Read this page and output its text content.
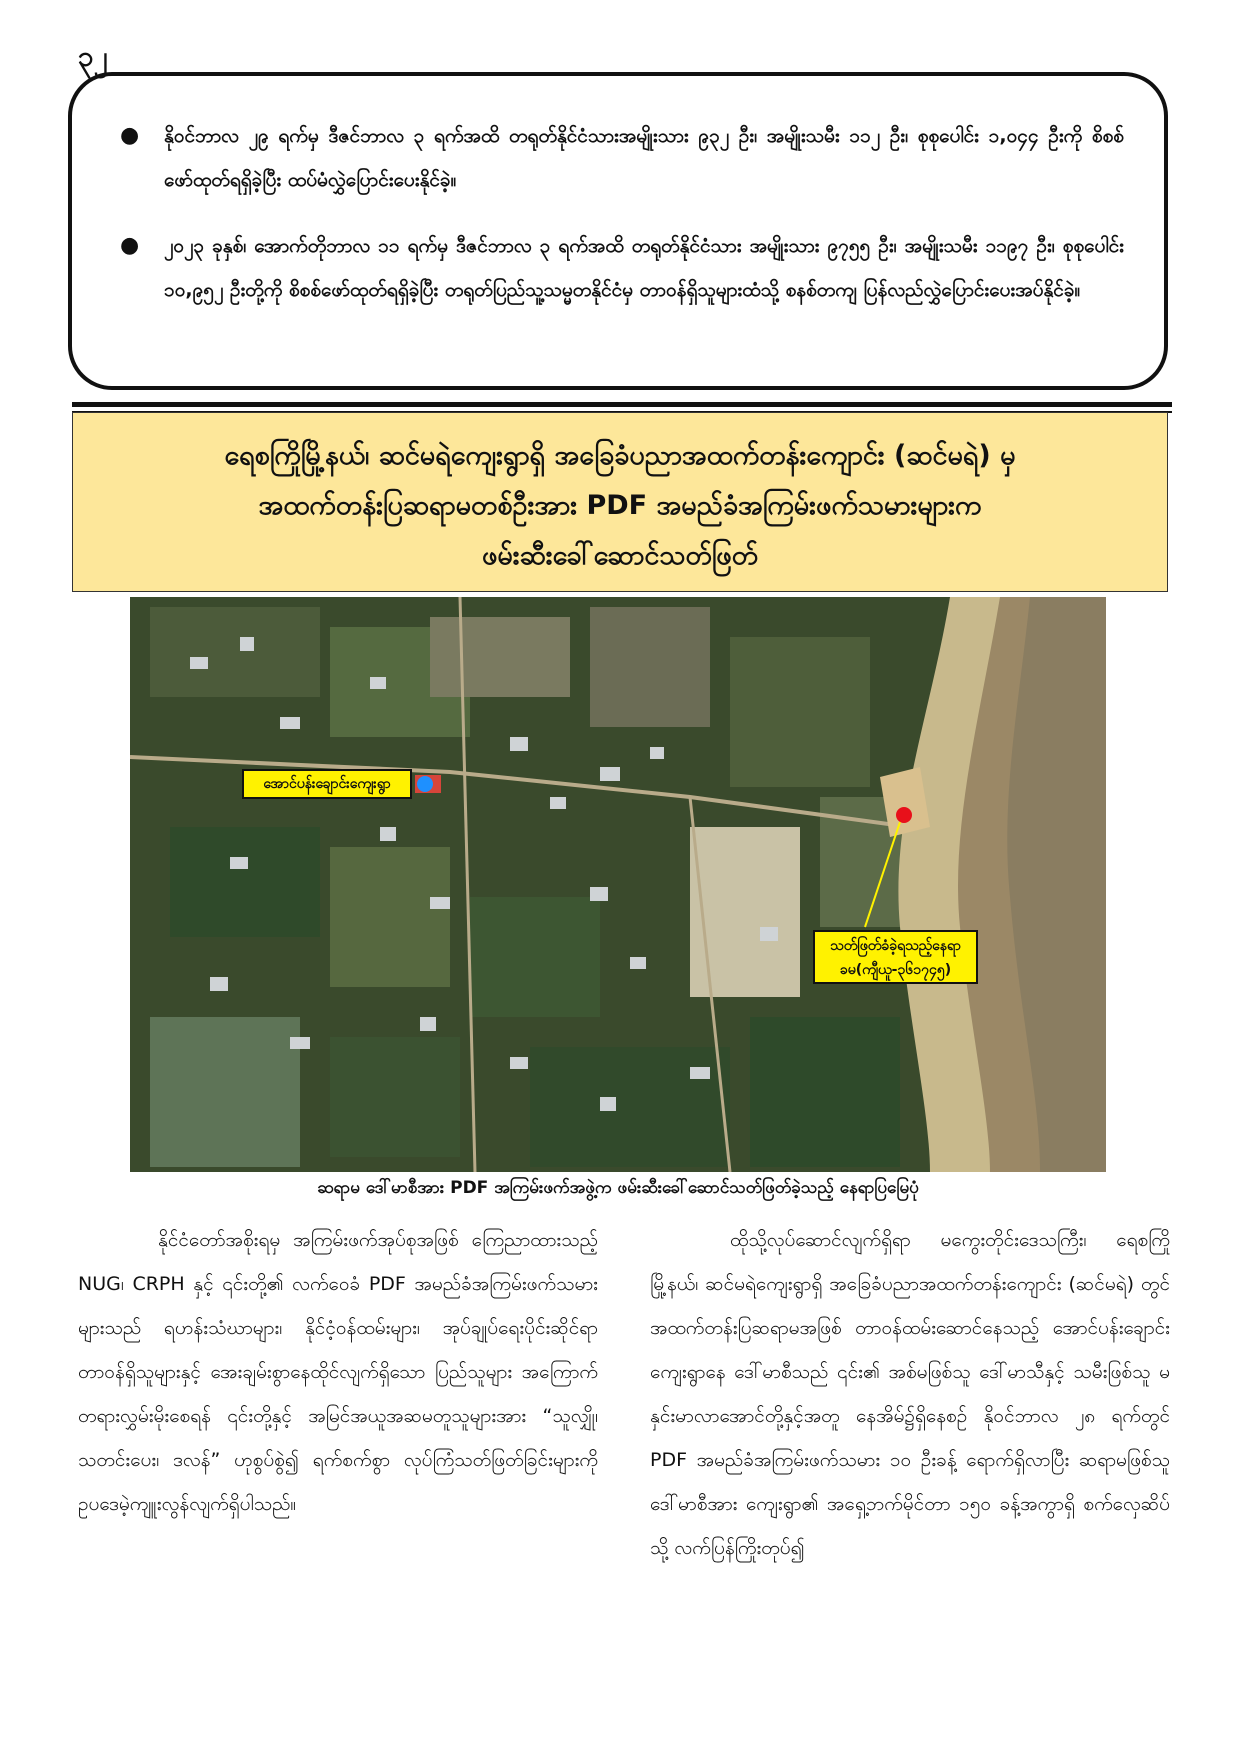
၃၂
● နိုဝင်ဘာလ ၂၉ ရက်မှ ဒီဇင်ဘာလ ၃ ရက်အထိ တရုတ်နိုင်ငံသားအမျိုးသား ၉၃၂ ဦး၊ အမျိုးသမီး ၁၁၂ ဦး၊ စုစုပေါင်း ၁,၀၄၄ ဦးကို စိစစ်ဖော်ထုတ်ရရှိခဲ့ပြီး ထပ်မံလွှဲပြောင်းပေးနိုင်ခဲ့။
● ၂၀၂၃ ခုနှစ်၊ အောက်တိုဘာလ ၁၁ ရက်မှ ဒီဇင်ဘာလ ၃ ရက်အထိ တရုတ်နိုင်ငံသား အမျိုးသား ၉၇၅၅ ဦး၊ အမျိုးသမီး ၁၁၉၇ ဦး၊ စုစုပေါင်း ၁၀,၉၅၂ ဦးတို့ကို စိစစ်ဖော်ထုတ်ရရှိခဲ့ပြီး တရုတ်ပြည်သူ့သမ္မတနိုင်ငံမှ တာဝန်ရှိသူများထံသို့ စနစ်တကျ ပြန်လည်လွှဲပြောင်းပေးအပ်နိုင်ခဲ့။
ရေစကြိုမြို့နယ်၊ ဆင်မရဲကျေးရွာရှိ အခြေခံပညာအထက်တန်းကျောင်း (ဆင်မရဲ) မှ
အထက်တန်းပြဆရာမတစ်ဦးအား PDF အမည်ခံအကြမ်းဖက်သမားများက
ဖမ်းဆီးခေါ်ဆောင်သတ်ဖြတ်
အောင်ပန်းချောင်းကျေးရွာ
သတ်ဖြတ်ခံခဲ့ရသည့်နေရာ
ခမ(ကျီယူ-၃၆၁၇၄၅)
ဆရာမ ဒေါ်မာစီအား PDF အကြမ်းဖက်အဖွဲ့က ဖမ်းဆီးခေါ်ဆောင်သတ်ဖြတ်ခဲ့သည့် နေရာပြမြေပုံ

နိုင်ငံတော်အစိုးရမှ အကြမ်းဖက်အုပ်စုအဖြစ် ကြေညာထားသည့် NUG၊ CRPH နှင့် ၎င်းတို့၏ လက်ဝေခံ PDF အမည်ခံအကြမ်းဖက်သမားများသည် ရဟန်းသံဃာများ၊ နိုင်ငံ့ဝန်ထမ်းများ၊ အုပ်ချုပ်ရေးပိုင်းဆိုင်ရာ တာဝန်ရှိသူများနှင့် အေးချမ်းစွာနေထိုင်လျက်ရှိသော ပြည်သူများ အကြောက်တရားလွှမ်းမိုးစေရန် ၎င်းတို့နှင့် အမြင်အယူအဆမတူသူများအား “သူလျှို၊ သတင်းပေး၊ ဒလန်” ဟုစွပ်စွဲ၍ ရက်စက်စွာ လုပ်ကြံသတ်ဖြတ်ခြင်းများကို ဥပဒေမဲ့ကျူးလွန်လျက်ရှိပါသည်။

ထိုသို့လုပ်ဆောင်လျက်ရှိရာ မကွေးတိုင်းဒေသကြီး၊ ရေစကြိုမြို့နယ်၊ ဆင်မရဲကျေးရွာရှိ အခြေခံပညာအထက်တန်းကျောင်း (ဆင်မရဲ) တွင် အထက်တန်းပြဆရာမအဖြစ် တာဝန်ထမ်းဆောင်နေသည့် အောင်ပန်းချောင်းကျေးရွာနေ ဒေါ်မာစီသည် ၎င်း၏ အစ်မဖြစ်သူ ဒေါ်မာသီနှင့် သမီးဖြစ်သူ မနှင်းမာလာအောင်တို့နှင့်အတူ နေအိမ်၌ရှိနေစဉ် နိုဝင်ဘာလ ၂၈ ရက်တွင် PDF အမည်ခံအကြမ်းဖက်သမား ၁၀ ဦးခန့် ရောက်ရှိလာပြီး ဆရာမဖြစ်သူ ဒေါ်မာစီအား ကျေးရွာ၏ အရှေ့ဘက်မိုင်တာ ၁၅၀ ခန့်အကွာရှိ စက်လှေဆိပ်သို့ လက်ပြန်ကြိုးတုပ်၍
